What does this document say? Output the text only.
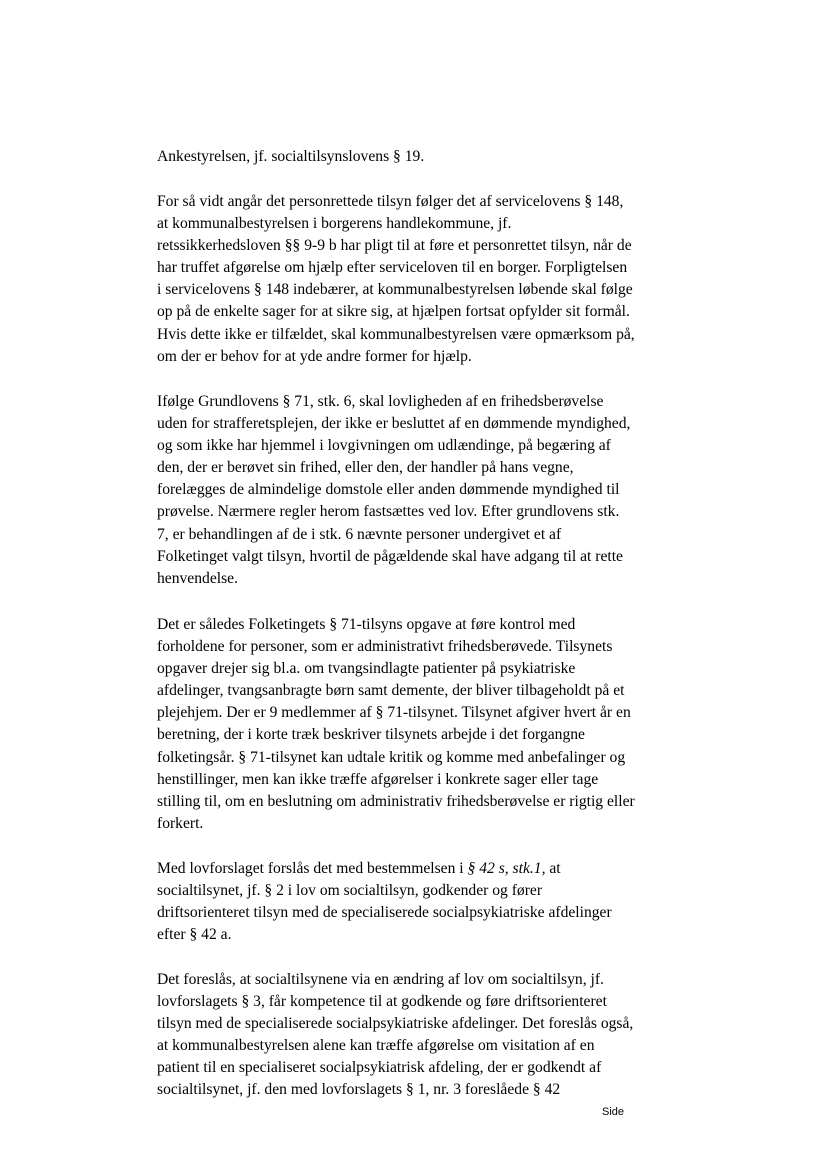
Ankestyrelsen, jf. socialtilsynslovens § 19.
For så vidt angår det personrettede tilsyn følger det af servicelovens § 148,
at kommunalbestyrelsen i borgerens handlekommune, jf.
retssikkerhedsloven §§ 9-9 b har pligt til at føre et personrettet tilsyn, når de
har truffet afgørelse om hjælp efter serviceloven til en borger. Forpligtelsen
i servicelovens § 148 indebærer, at kommunalbestyrelsen løbende skal følge
op på de enkelte sager for at sikre sig, at hjælpen fortsat opfylder sit formål.
Hvis dette ikke er tilfældet, skal kommunalbestyrelsen være opmærksom på,
om der er behov for at yde andre former for hjælp.
Ifølge Grundlovens § 71, stk. 6, skal lovligheden af en frihedsberøvelse
uden for strafferetsplejen, der ikke er besluttet af en dømmende myndighed,
og som ikke har hjemmel i lovgivningen om udlændinge, på begæring af
den, der er berøvet sin frihed, eller den, der handler på hans vegne,
forelægges de almindelige domstole eller anden dømmende myndighed til
prøvelse. Nærmere regler herom fastsættes ved lov. Efter grundlovens stk.
7, er behandlingen af de i stk. 6 nævnte personer undergivet et af
Folketinget valgt tilsyn, hvortil de pågældende skal have adgang til at rette
henvendelse.
Det er således Folketingets § 71-tilsyns opgave at føre kontrol med
forholdene for personer, som er administrativt frihedsberøvede. Tilsynets
opgaver drejer sig bl.a. om tvangsindlagte patienter på psykiatriske
afdelinger, tvangsanbragte børn samt demente, der bliver tilbageholdt på et
plejehjem. Der er 9 medlemmer af § 71-tilsynet. Tilsynet afgiver hvert år en
beretning, der i korte træk beskriver tilsynets arbejde i det forgangne
folketingsår. § 71-tilsynet kan udtale kritik og komme med anbefalinger og
henstillinger, men kan ikke træffe afgørelser i konkrete sager eller tage
stilling til, om en beslutning om administrativ frihedsberøvelse er rigtig eller
forkert.
Med lovforslaget forslås det med bestemmelsen i § 42 s, stk.1, at
socialtilsynet, jf. § 2 i lov om socialtilsyn, godkender og fører
driftsorienteret tilsyn med de specialiserede socialpsykiatriske afdelinger
efter § 42 a.
Det foreslås, at socialtilsynene via en ændring af lov om socialtilsyn, jf.
lovforslagets § 3, får kompetence til at godkende og føre driftsorienteret
tilsyn med de specialiserede socialpsykiatriske afdelinger. Det foreslås også,
at kommunalbestyrelsen alene kan træffe afgørelse om visitation af en
patient til en specialiseret socialpsykiatrisk afdeling, der er godkendt af
socialtilsynet, jf. den med lovforslagets § 1, nr. 3 foreslåede § 42
Side
